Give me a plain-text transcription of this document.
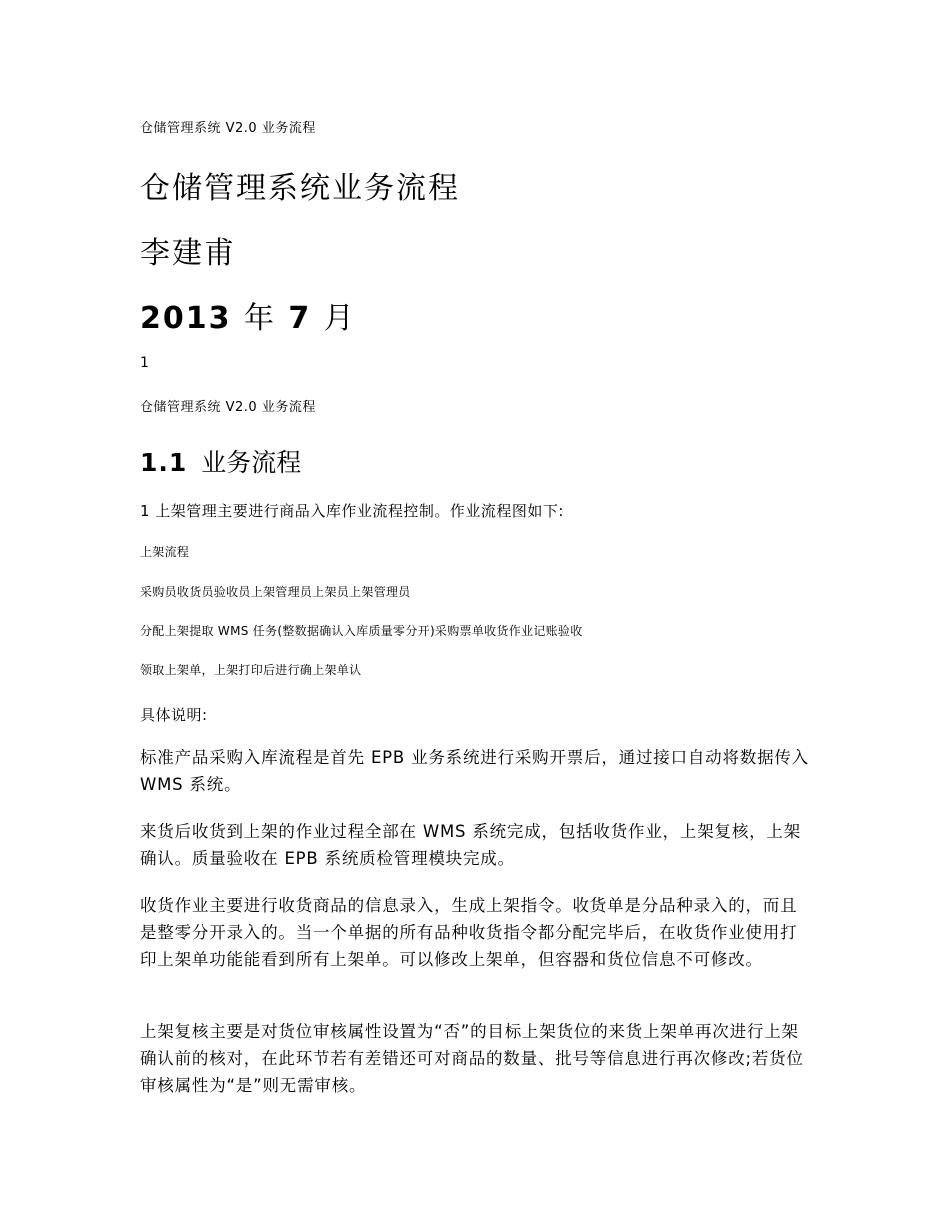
仓储管理系统 V2.0 业务流程
仓储管理系统业务流程
李建甫
2013 年 7 月
1
仓储管理系统 V2.0 业务流程
1.1 业务流程
1 上架管理主要进行商品入库作业流程控制。作业流程图如下:
上架流程
采购员收货员验收员上架管理员上架员上架管理员
分配上架提取 WMS 任务(整数据确认入库质量零分开)采购票单收货作业记账验收
领取上架单，上架打印后进行确上架单认
具体说明:
标准产品采购入库流程是首先 EPB 业务系统进行采购开票后，通过接口自动将数据传入 WMS 系统。
来货后收货到上架的作业过程全部在 WMS 系统完成，包括收货作业，上架复核，上架确认。质量验收在 EPB 系统质检管理模块完成。
收货作业主要进行收货商品的信息录入，生成上架指令。收货单是分品种录入的，而且是整零分开录入的。当一个单据的所有品种收货指令都分配完毕后，在收货作业使用打印上架单功能能看到所有上架单。可以修改上架单，但容器和货位信息不可修改。
上架复核主要是对货位审核属性设置为“否”的目标上架货位的来货上架单再次进行上架确认前的核对，在此环节若有差错还可对商品的数量、批号等信息进行再次修改;若货位审核属性为“是”则无需审核。
